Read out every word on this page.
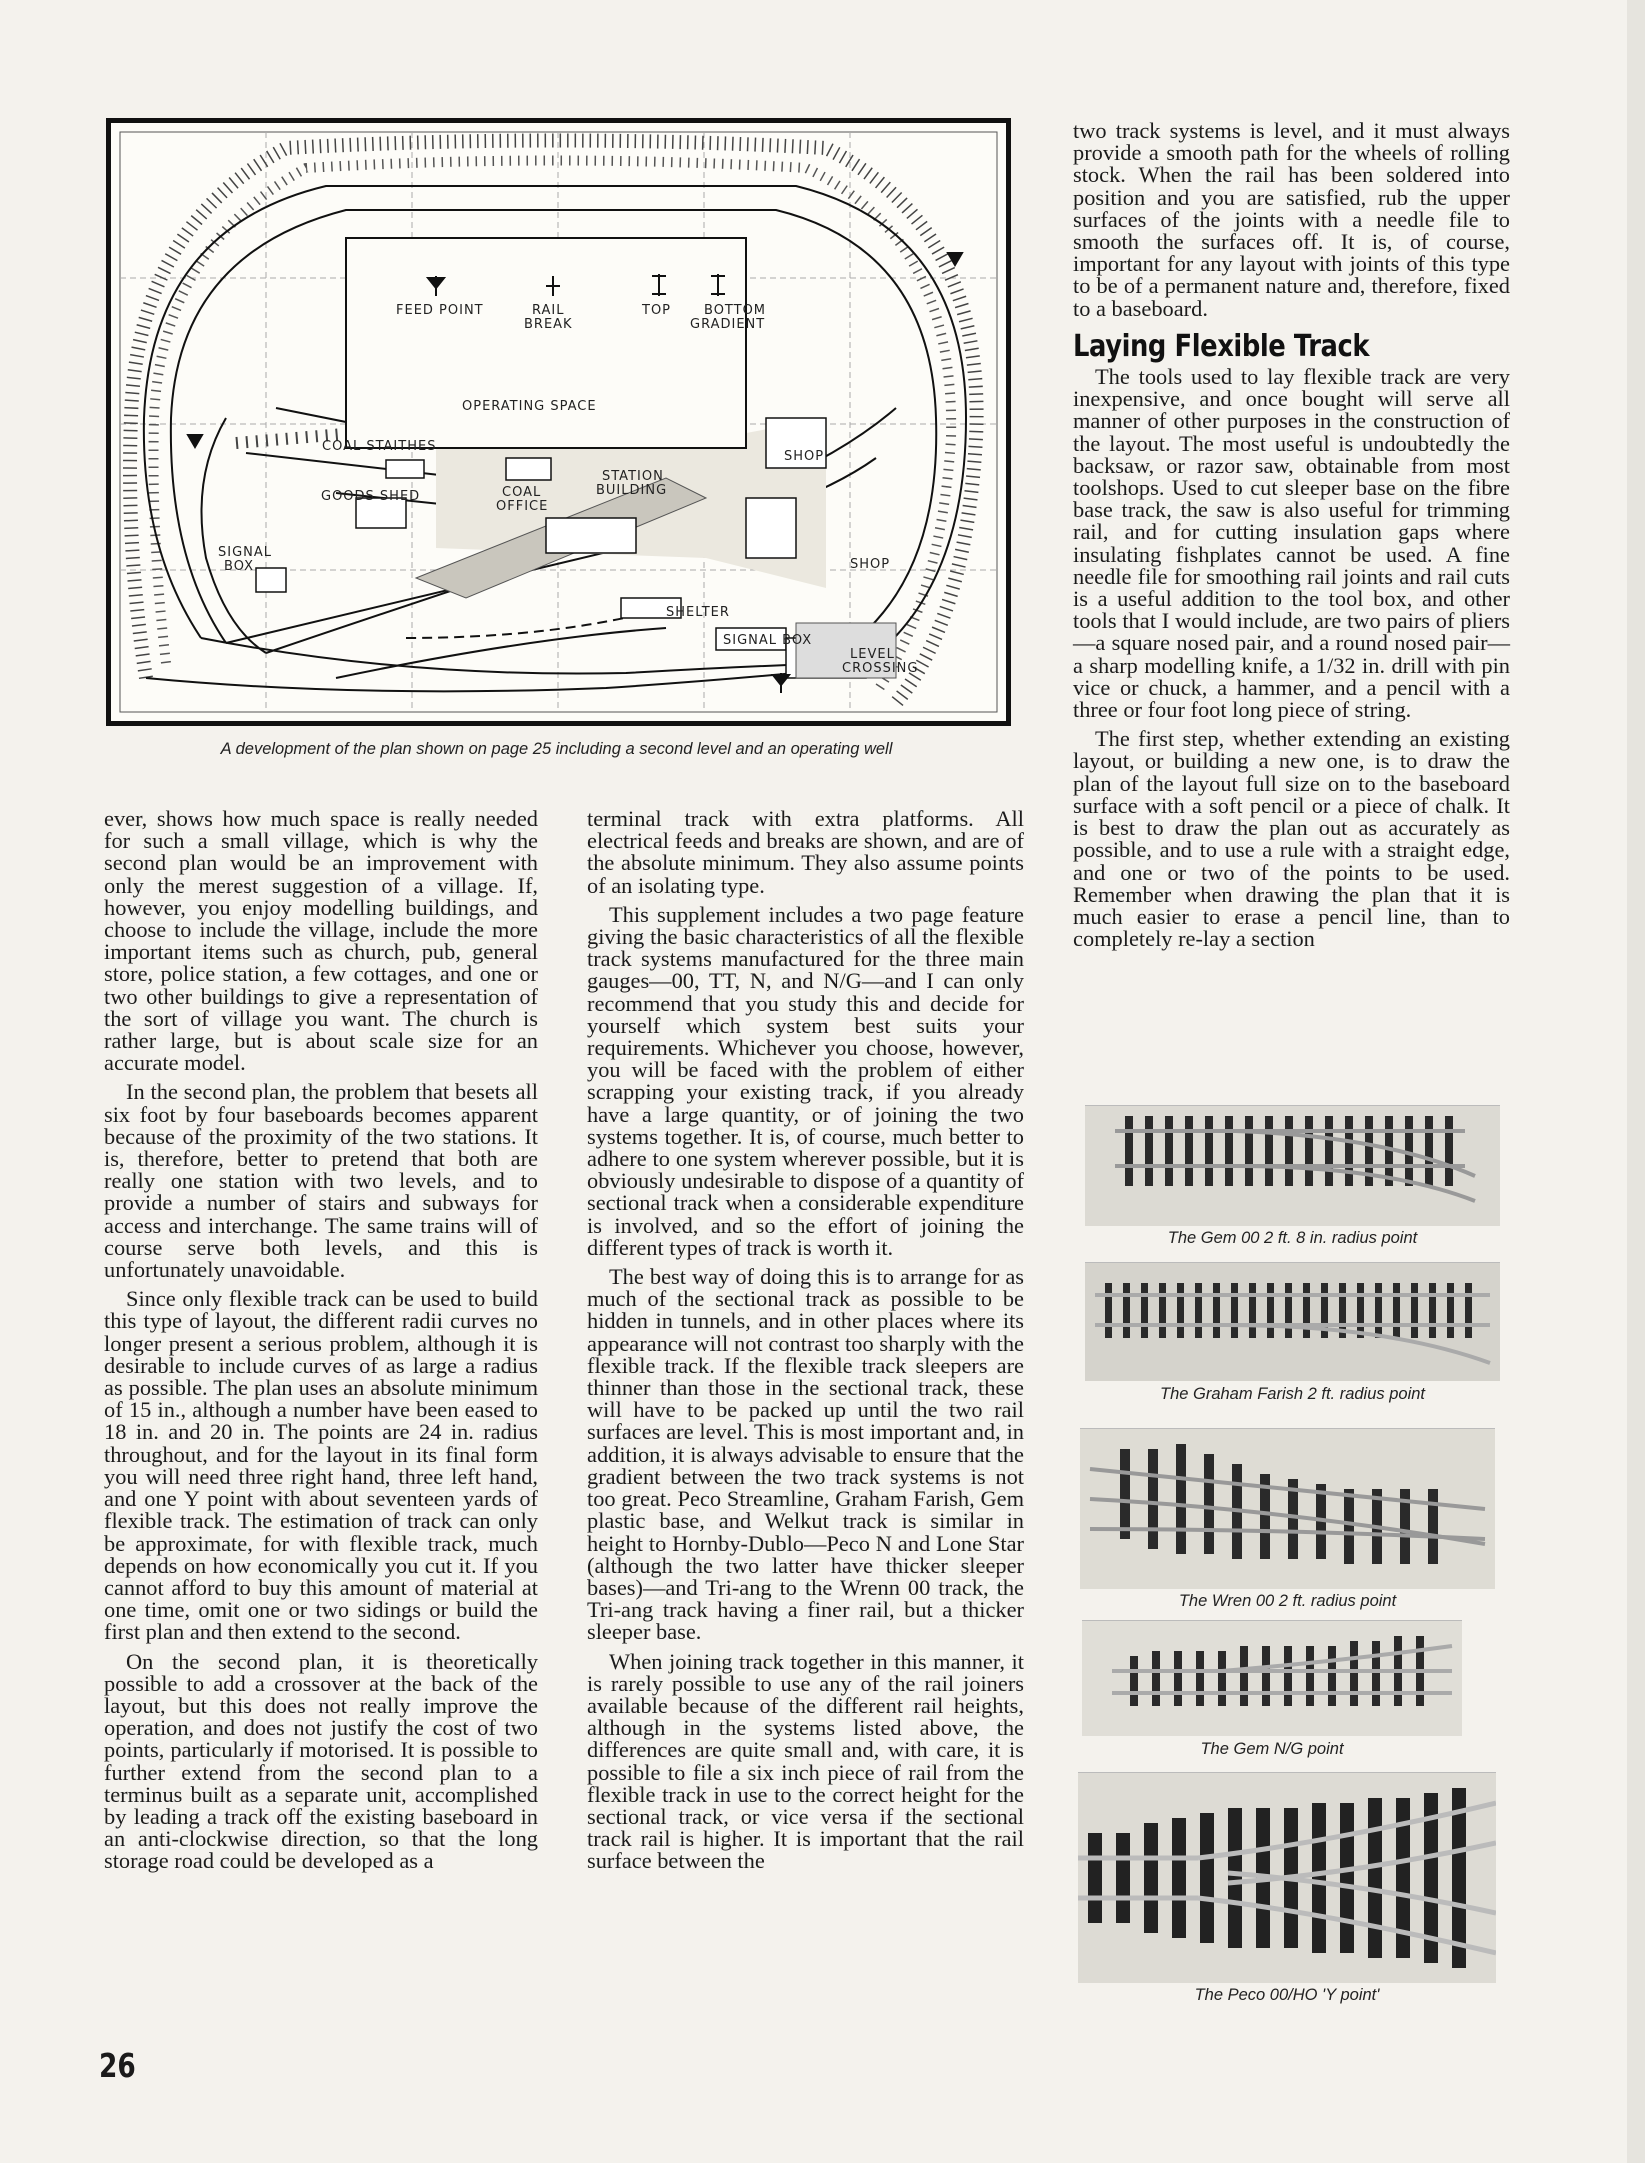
FEED POINT	RAIL
BREAK
TOP	BOTTOM
GRADIENT
OPERATING SPACE
COAL STAITHES
GOODS SHED	COAL
OFFICE
STATION
BUILDING
SHOP
SHOP
SIGNAL
BOX
SHELTER
SIGNAL BOX
LEVEL
CROSSING
A development of the plan shown on page 25 including a second level and an operating well

ever, shows how much space is really needed for such a small village, which is why the second plan would be an improvement with only the merest suggestion of a village. If, however, you enjoy modelling buildings, and choose to include the village, include the more important items such as church, pub, general store, police station, a few cottages, and one or two other buildings to give a representation of the sort of village you want. The church is rather large, but is about scale size for an accurate model.

In the second plan, the problem that besets all six foot by four baseboards becomes apparent because of the proximity of the two stations. It is, therefore, better to pretend that both are really one station with two levels, and to provide a number of stairs and subways for access and interchange. The same trains will of course serve both levels, and this is unfortunately unavoidable.

Since only flexible track can be used to build this type of layout, the different radii curves no longer present a serious problem, although it is desirable to include curves of as large a radius as possible. The plan uses an absolute minimum of 15 in., although a number have been eased to 18 in. and 20 in. The points are 24 in. radius throughout, and for the layout in its final form you will need three right hand, three left hand, and one Y point with about seventeen yards of flexible track. The estimation of track can only be approximate, for with flexible track, much depends on how economically you cut it. If you cannot afford to buy this amount of material at one time, omit one or two sidings or build the first plan and then extend to the second.

On the second plan, it is theoretically possible to add a crossover at the back of the layout, but this does not really improve the operation, and does not justify the cost of two points, particularly if motorised. It is possible to further extend from the second plan to a terminus built as a separate unit, accomplished by leading a track off the existing baseboard in an anti-clockwise direction, so that the long storage road could be developed as a

terminal track with extra platforms. All electrical feeds and breaks are shown, and are of the absolute minimum. They also assume points of an isolating type.

This supplement includes a two page feature giving the basic characteristics of all the flexible track systems manufactured for the three main gauges—00, TT, N, and N/G—and I can only recommend that you study this and decide for yourself which system best suits your requirements. Whichever you choose, however, you will be faced with the problem of either scrapping your existing track, if you already have a large quantity, or of joining the two systems together. It is, of course, much better to adhere to one system wherever possible, but it is obviously undesirable to dispose of a quantity of sectional track when a considerable expenditure is involved, and so the effort of joining the different types of track is worth it.

The best way of doing this is to arrange for as much of the sectional track as possible to be hidden in tunnels, and in other places where its appearance will not contrast too sharply with the flexible track. If the flexible track sleepers are thinner than those in the sectional track, these will have to be packed up until the two rail surfaces are level. This is most important and, in addition, it is always advisable to ensure that the gradient between the two track systems is not too great. Peco Streamline, Graham Farish, Gem plastic base, and Welkut track is similar in height to Hornby-Dublo—Peco N and Lone Star (although the two latter have thicker sleeper bases)—and Tri-ang to the Wrenn 00 track, the Tri-ang track having a finer rail, but a thicker sleeper base.

When joining track together in this manner, it is rarely possible to use any of the rail joiners available because of the different rail heights, although in the systems listed above, the differences are quite small and, with care, it is possible to file a six inch piece of rail from the flexible track in use to the correct height for the sectional track, or vice versa if the sectional track rail is higher. It is important that the rail surface between the

two track systems is level, and it must always provide a smooth path for the wheels of rolling stock. When the rail has been soldered into position and you are satisfied, rub the upper surfaces of the joints with a needle file to smooth the surfaces off. It is, of course, important for any layout with joints of this type to be of a permanent nature and, therefore, fixed to a baseboard.

Laying Flexible Track

The tools used to lay flexible track are very inexpensive, and once bought will serve all manner of other purposes in the construction of the layout. The most useful is undoubtedly the backsaw, or razor saw, obtainable from most toolshops. Used to cut sleeper base on the fibre base track, the saw is also useful for trimming rail, and for cutting insulation gaps where insulating fishplates cannot be used. A fine needle file for smoothing rail joints and rail cuts is a useful addition to the tool box, and other tools that I would include, are two pairs of pliers—a square nosed pair, and a round nosed pair—a sharp modelling knife, a 1/32 in. drill with pin vice or chuck, a hammer, and a pencil with a three or four foot long piece of string.

The first step, whether extending an existing layout, or building a new one, is to draw the plan of the layout full size on to the baseboard surface with a soft pencil or a piece of chalk. It is best to draw the plan out as accurately as possible, and to use a rule with a straight edge, and one or two of the points to be used. Remember when drawing the plan that it is much easier to erase a pencil line, than to completely re-lay a section

The Gem 00 2 ft. 8 in. radius point
The Graham Farish 2 ft. radius point
The Wren 00 2 ft. radius point
The Gem N/G point
The Peco 00/HO 'Y point'
26
